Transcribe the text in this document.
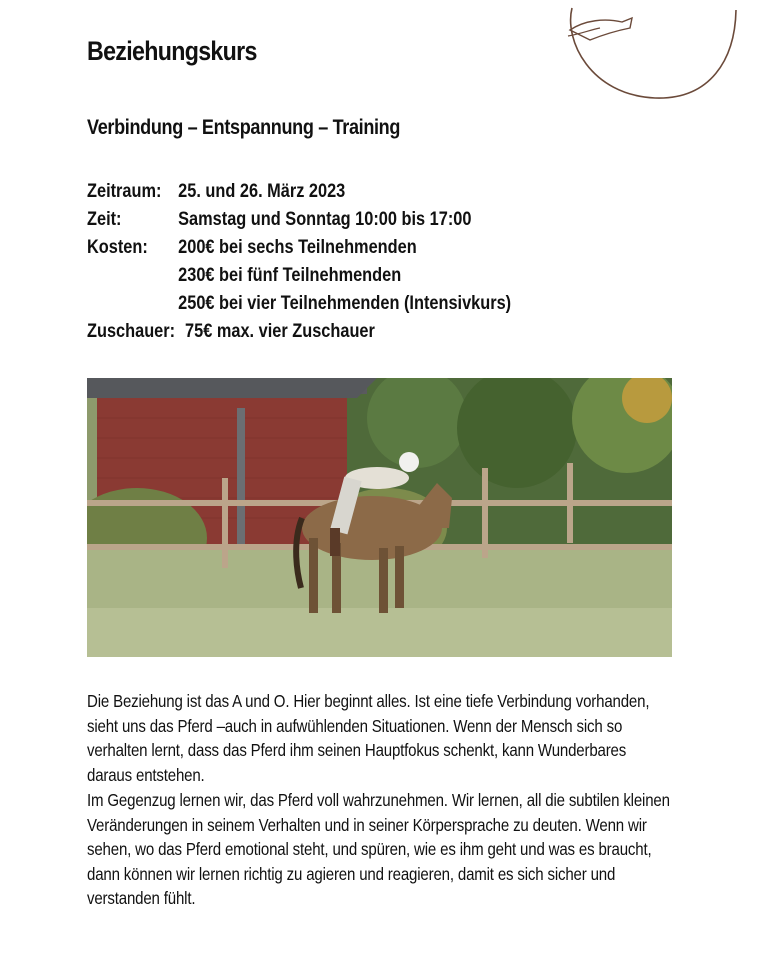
Beziehungskurs
Verbindung – Entspannung – Training
Zeitraum: 25. und 26. März 2023
Zeit:	Samstag und Sonntag 10:00 bis 17:00
Kosten:	200€ bei sechs Teilnehmenden
230€ bei fünf Teilnehmenden
250€ bei vier Teilnehmenden (Intensivkurs)
Zuschauer: 75€ max. vier Zuschauer

Die Beziehung ist das A und O. Hier beginnt alles. Ist eine tiefe Verbindung vorhanden, sieht uns das Pferd –auch in aufwühlenden Situationen. Wenn der Mensch sich so verhalten lernt, dass das Pferd ihm seinen Hauptfokus schenkt, kann Wunderbares daraus entstehen.

Im Gegenzug lernen wir, das Pferd voll wahrzunehmen. Wir lernen, all die subtilen kleinen Veränderungen in seinem Verhalten und in seiner Körpersprache zu deuten. Wenn wir sehen, wo das Pferd emotional steht, und spüren, wie es ihm geht und was es braucht, dann können wir lernen richtig zu agieren und reagieren, damit es sich sicher und verstanden fühlt.
